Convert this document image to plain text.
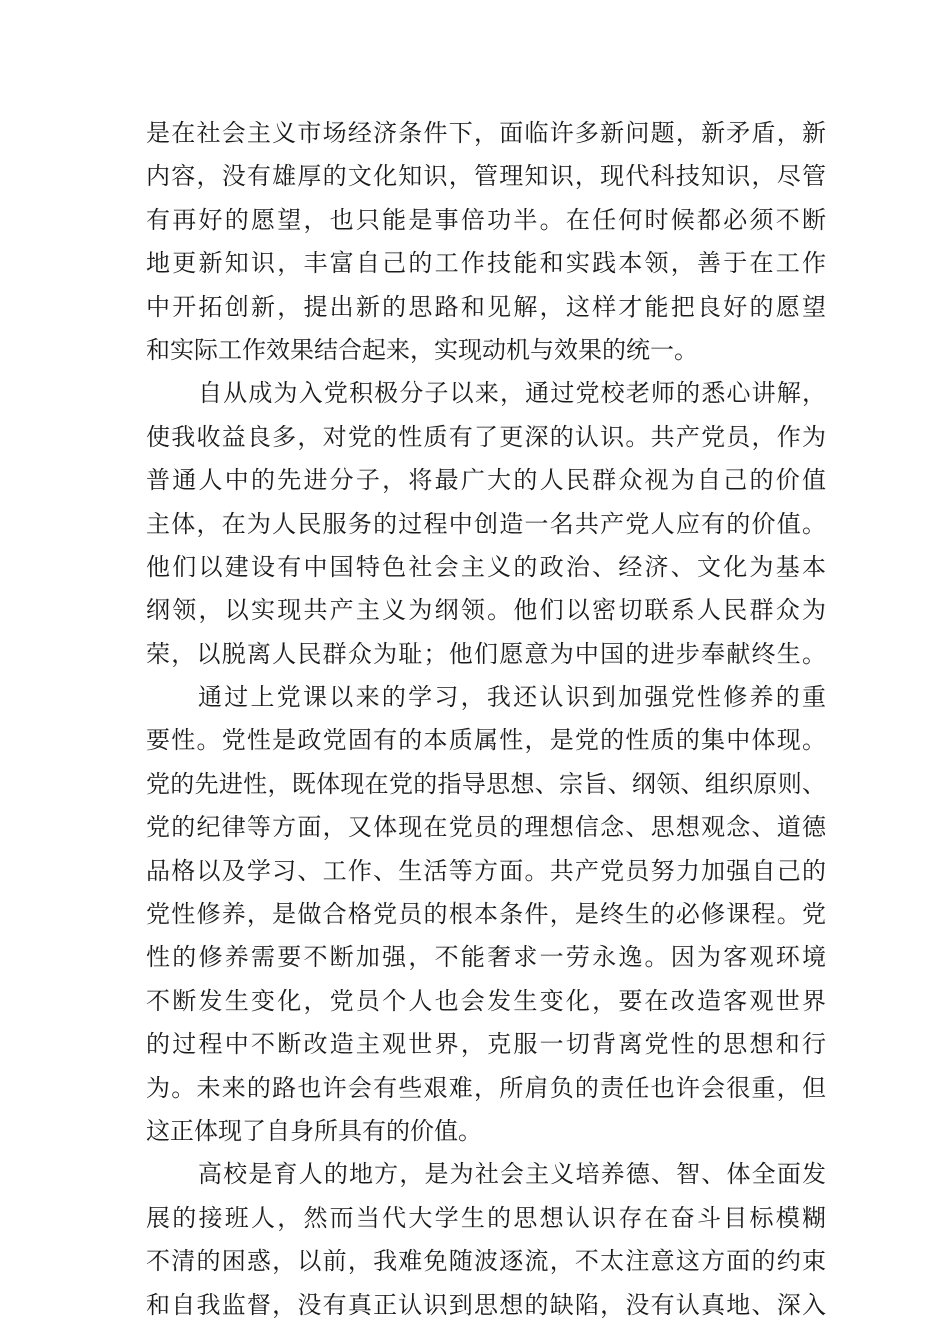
是在社会主义市场经济条件下，面临许多新问题，新矛盾，新
内容，没有雄厚的文化知识，管理知识，现代科技知识，尽管
有再好的愿望，也只能是事倍功半。在任何时候都必须不断
地更新知识，丰富自己的工作技能和实践本领，善于在工作
中开拓创新，提出新的思路和见解，这样才能把良好的愿望
和实际工作效果结合起来，实现动机与效果的统一。
自从成为入党积极分子以来，通过党校老师的悉心讲解，
使我收益良多，对党的性质有了更深的认识。共产党员，作为
普通人中的先进分子，将最广大的人民群众视为自己的价值
主体，在为人民服务的过程中创造一名共产党人应有的价值。
他们以建设有中国特色社会主义的政治、经济、文化为基本
纲领，以实现共产主义为纲领。他们以密切联系人民群众为
荣，以脱离人民群众为耻；他们愿意为中国的进步奉献终生。
通过上党课以来的学习，我还认识到加强党性修养的重
要性。党性是政党固有的本质属性，是党的性质的集中体现。
党的先进性，既体现在党的指导思想、宗旨、纲领、组织原则、
党的纪律等方面，又体现在党员的理想信念、思想观念、道德
品格以及学习、工作、生活等方面。共产党员努力加强自己的
党性修养，是做合格党员的根本条件，是终生的必修课程。党
性的修养需要不断加强，不能奢求一劳永逸。因为客观环境
不断发生变化，党员个人也会发生变化，要在改造客观世界
的过程中不断改造主观世界，克服一切背离党性的思想和行
为。未来的路也许会有些艰难，所肩负的责任也许会很重，但
这正体现了自身所具有的价值。
高校是育人的地方，是为社会主义培养德、智、体全面发
展的接班人，然而当代大学生的思想认识存在奋斗目标模糊
不清的困惑，以前，我难免随波逐流，不太注意这方面的约束
和自我监督，没有真正认识到思想的缺陷，没有认真地、深入
